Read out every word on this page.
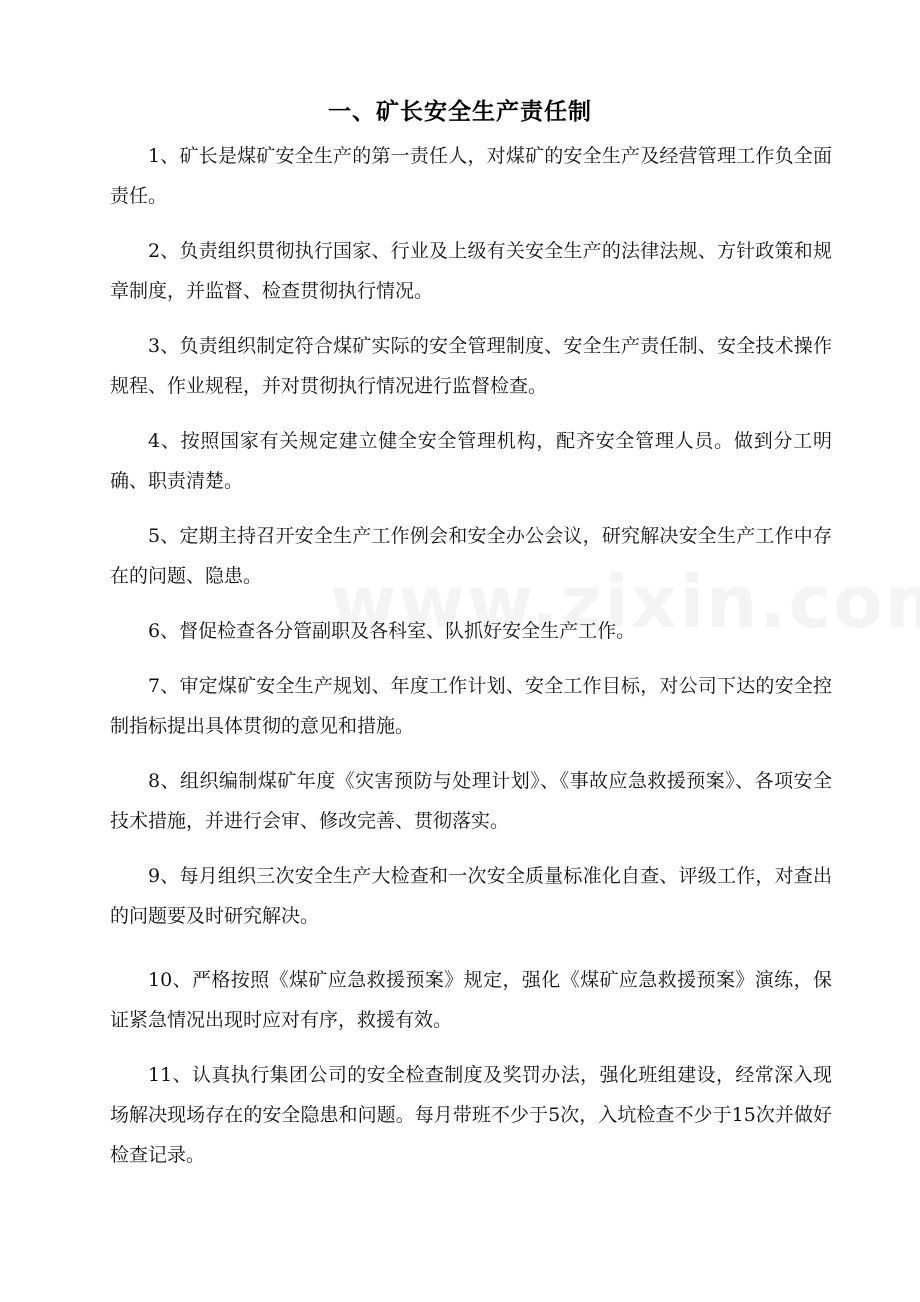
一、矿长安全生产责任制

1、矿长是煤矿安全生产的第一责任人，对煤矿的安全生产及经营管理工作负全面责任。

2、负责组织贯彻执行国家、行业及上级有关安全生产的法律法规、方针政策和规章制度，并监督、检查贯彻执行情况。

3、负责组织制定符合煤矿实际的安全管理制度、安全生产责任制、安全技术操作规程、作业规程，并对贯彻执行情况进行监督检查。

4、按照国家有关规定建立健全安全管理机构，配齐安全管理人员。做到分工明确、职责清楚。

5、定期主持召开安全生产工作例会和安全办公会议，研究解决安全生产工作中存在的问题、隐患。

6、督促检查各分管副职及各科室、队抓好安全生产工作。

7、审定煤矿安全生产规划、年度工作计划、安全工作目标，对公司下达的安全控制指标提出具体贯彻的意见和措施。

8、组织编制煤矿年度《灾害预防与处理计划》、《事故应急救援预案》、各项安全技术措施，并进行会审、修改完善、贯彻落实。

9、每月组织三次安全生产大检查和一次安全质量标准化自查、评级工作，对查出的问题要及时研究解决。

10、严格按照《煤矿应急救援预案》规定，强化《煤矿应急救援预案》演练，保证紧急情况出现时应对有序，救援有效。

11、认真执行集团公司的安全检查制度及奖罚办法，强化班组建设，经常深入现场解决现场存在的安全隐患和问题。每月带班不少于5次，入坑检查不少于15次并做好检查记录。
